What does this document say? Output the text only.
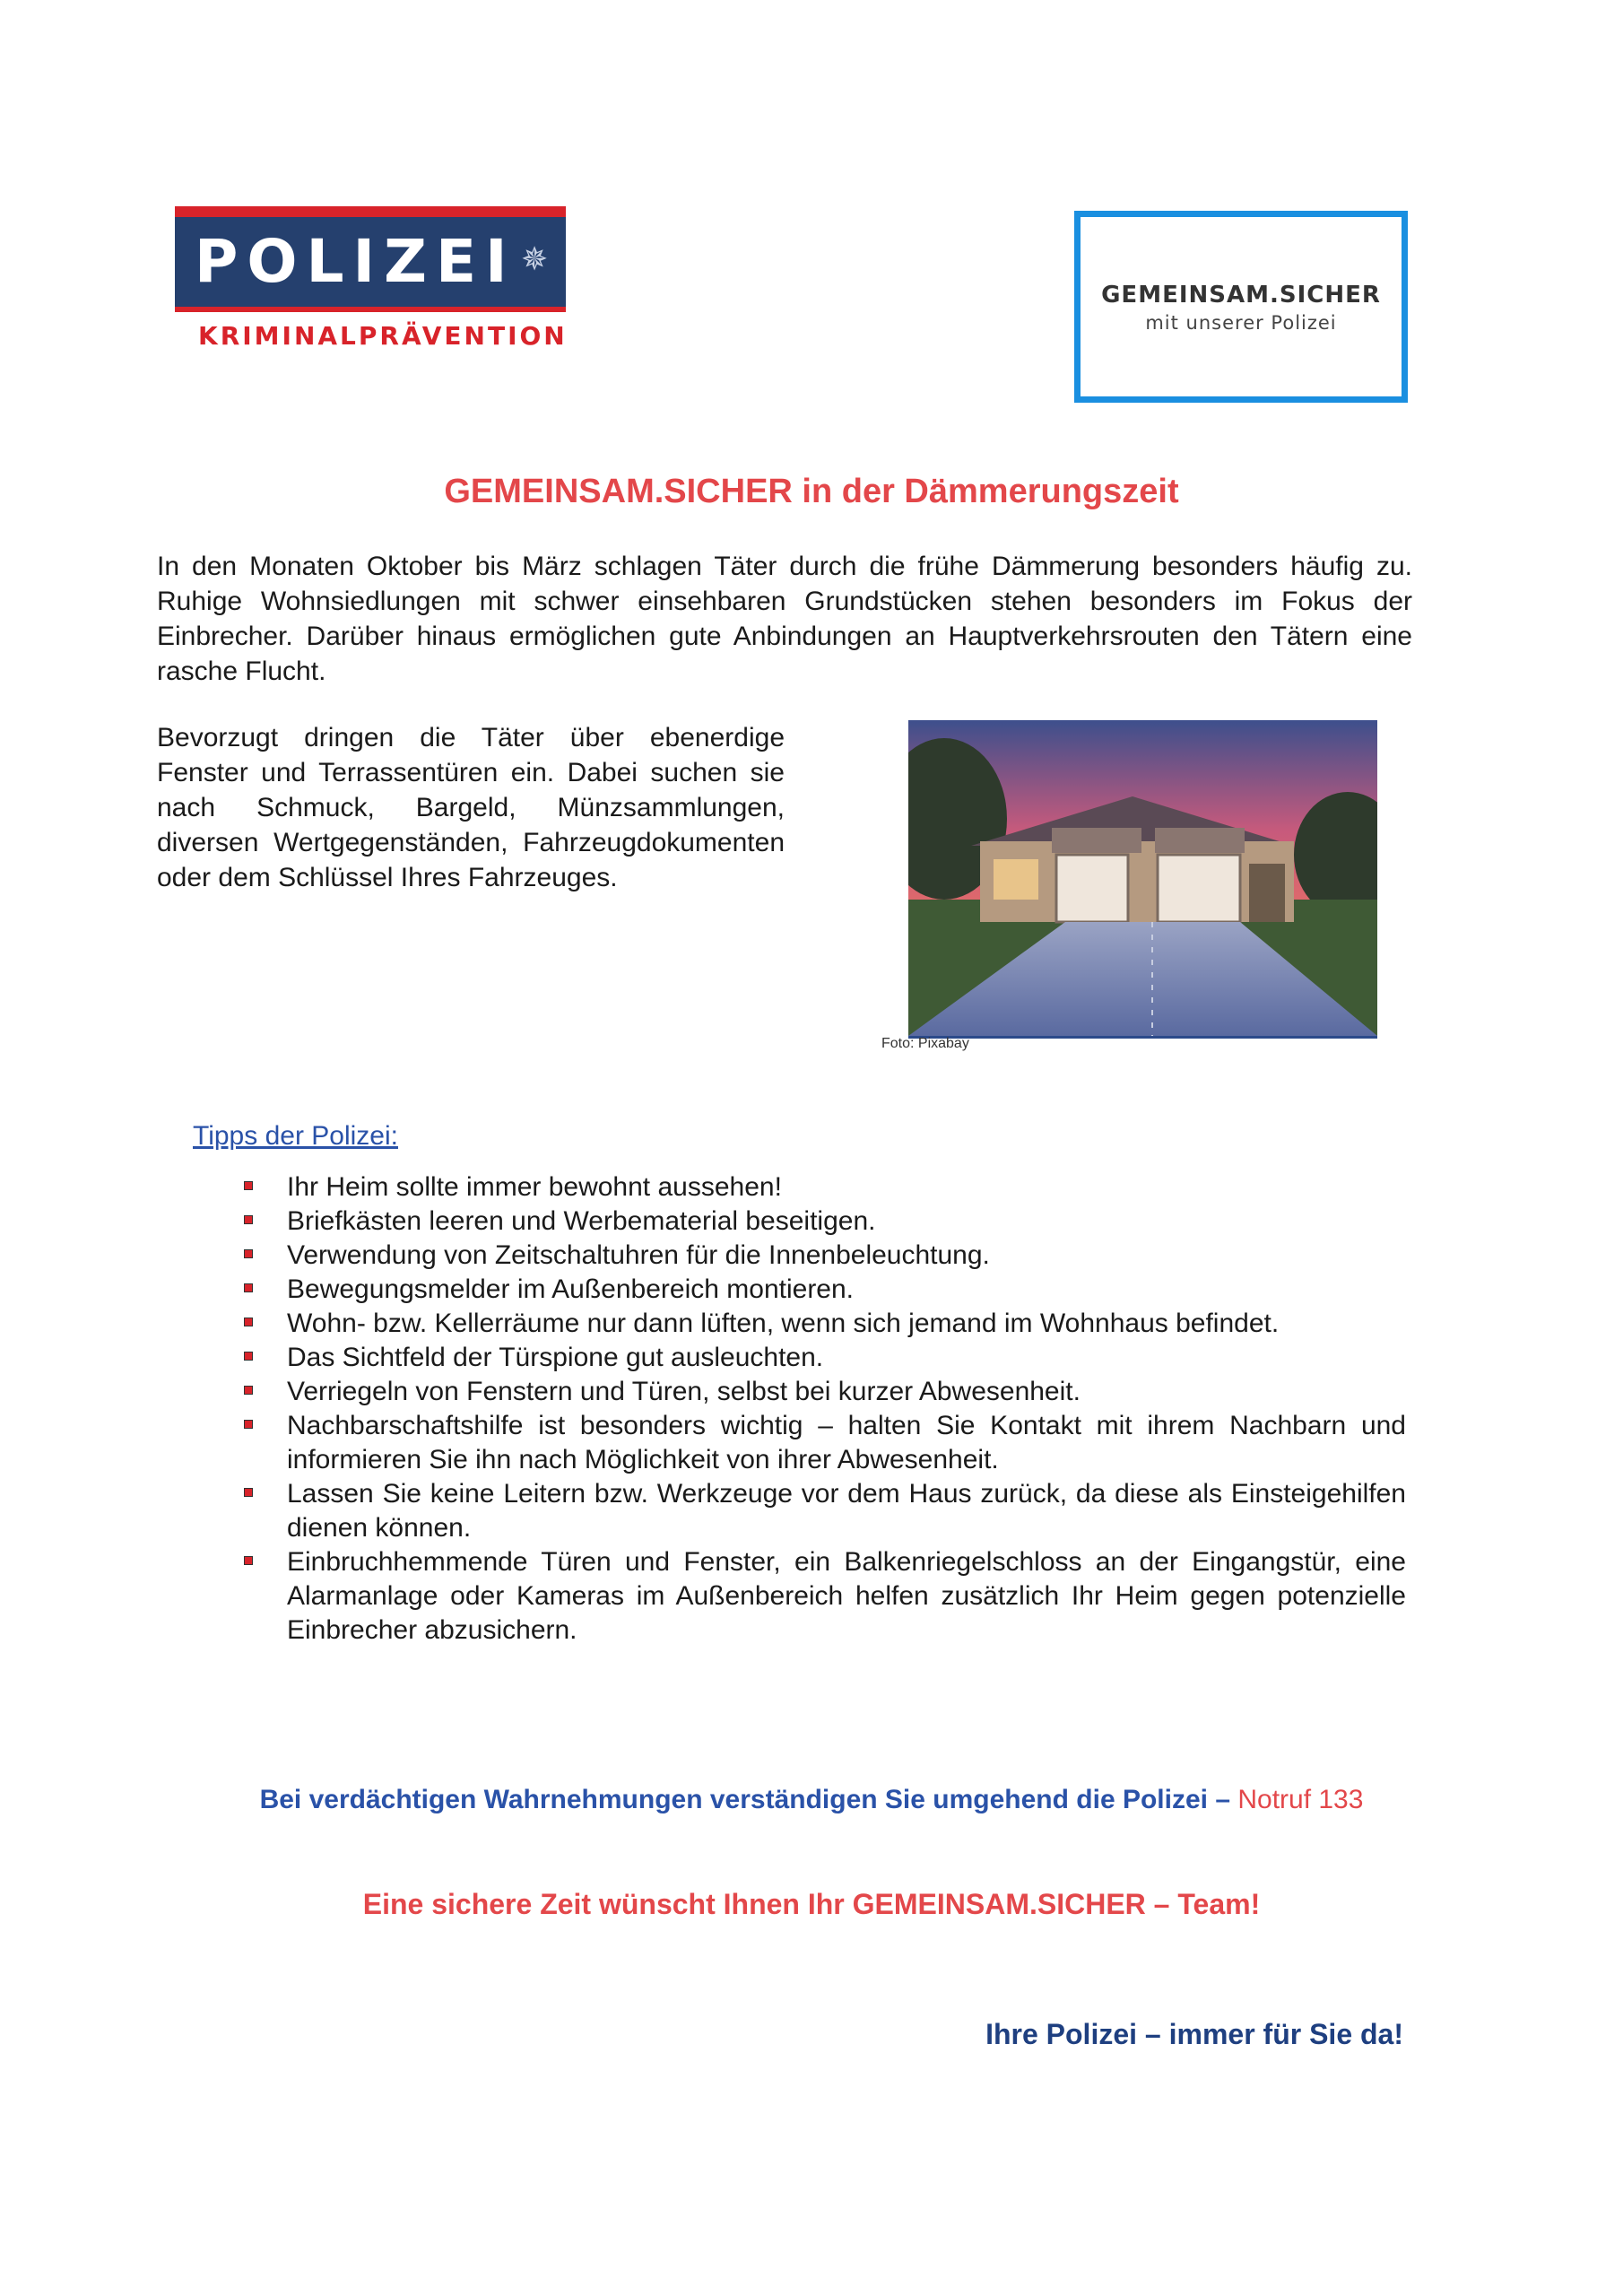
POLIZEI ✵
KRIMINALPRÄVENTION
GEMEINSAM.SICHER
mit unserer Polizei
GEMEINSAM.SICHER in der Dämmerungszeit

In den Monaten Oktober bis März schlagen Täter durch die frühe Dämmerung besonders häufig zu. Ruhige Wohnsiedlungen mit schwer einsehbaren Grundstücken stehen besonders im Fokus der Einbrecher. Darüber hinaus ermöglichen gute Anbindungen an Hauptverkehrsrouten den Tätern eine rasche Flucht.

Bevorzugt dringen die Täter über ebenerdige Fenster und Terrassentüren ein. Dabei suchen sie nach Schmuck, Bargeld, Münzsammlungen, diversen Wertgegenständen, Fahrzeugdokumenten oder dem Schlüssel Ihres Fahrzeuges.

Foto: Pixabay
Tipps der Polizei:
Ihr Heim sollte immer bewohnt aussehen!
Briefkästen leeren und Werbematerial beseitigen.
Verwendung von Zeitschaltuhren für die Innenbeleuchtung.
Bewegungsmelder im Außenbereich montieren.
Wohn- bzw. Kellerräume nur dann lüften, wenn sich jemand im Wohnhaus befindet.
Das Sichtfeld der Türspione gut ausleuchten.
Verriegeln von Fenstern und Türen, selbst bei kurzer Abwesenheit.
Nachbarschaftshilfe ist besonders wichtig – halten Sie Kontakt mit ihrem Nachbarn und informieren Sie ihn nach Möglichkeit von ihrer Abwesenheit.
Lassen Sie keine Leitern bzw. Werkzeuge vor dem Haus zurück, da diese als Einsteigehilfen dienen können.
Einbruchhemmende Türen und Fenster, ein Balkenriegelschloss an der Eingangstür, eine Alarmanlage oder Kameras im Außenbereich helfen zusätzlich Ihr Heim gegen potenzielle Einbrecher abzusichern.
Bei verdächtigen Wahrnehmungen verständigen Sie umgehend die Polizei – Notruf 133
Eine sichere Zeit wünscht Ihnen Ihr GEMEINSAM.SICHER – Team!
Ihre Polizei – immer für Sie da!
